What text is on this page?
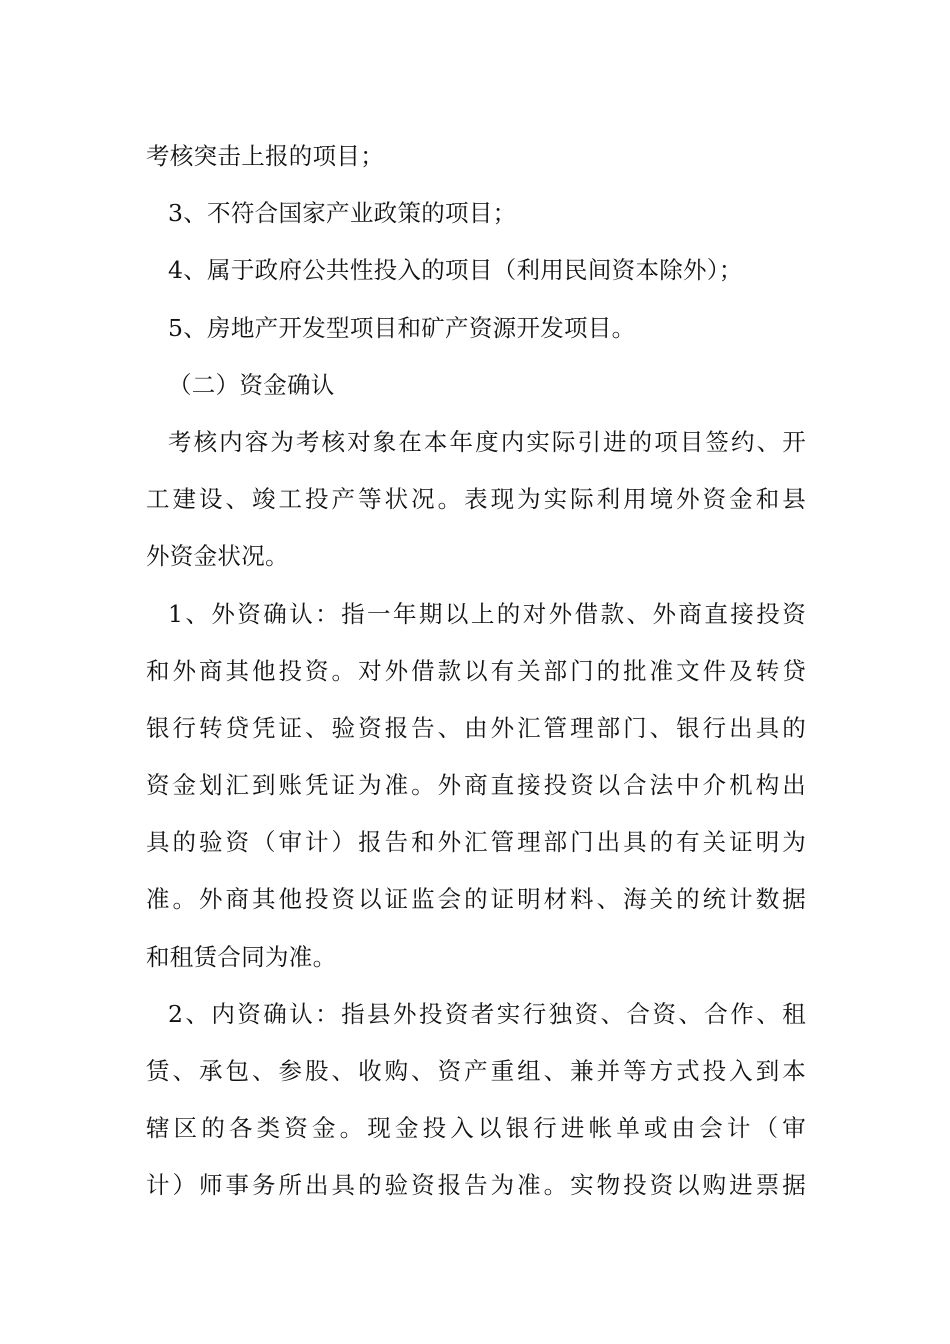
考核突击上报的项目；
3、不符合国家产业政策的项目；
4、属于政府公共性投入的项目（利用民间资本除外）；
5、房地产开发型项目和矿产资源开发项目。
（二）资金确认
考核内容为考核对象在本年度内实际引进的项目签约、开
工建设、竣工投产等状况。表现为实际利用境外资金和县
外资金状况。
1、外资确认：指一年期以上的对外借款、外商直接投资
和外商其他投资。对外借款以有关部门的批准文件及转贷
银行转贷凭证、验资报告、由外汇管理部门、银行出具的
资金划汇到账凭证为准。外商直接投资以合法中介机构出
具的验资（审计）报告和外汇管理部门出具的有关证明为
准。外商其他投资以证监会的证明材料、海关的统计数据
和租赁合同为准。
2、内资确认：指县外投资者实行独资、合资、合作、租
赁、承包、参股、收购、资产重组、兼并等方式投入到本
辖区的各类资金。现金投入以银行进帐单或由会计（审
计）师事务所出具的验资报告为准。实物投资以购进票据
